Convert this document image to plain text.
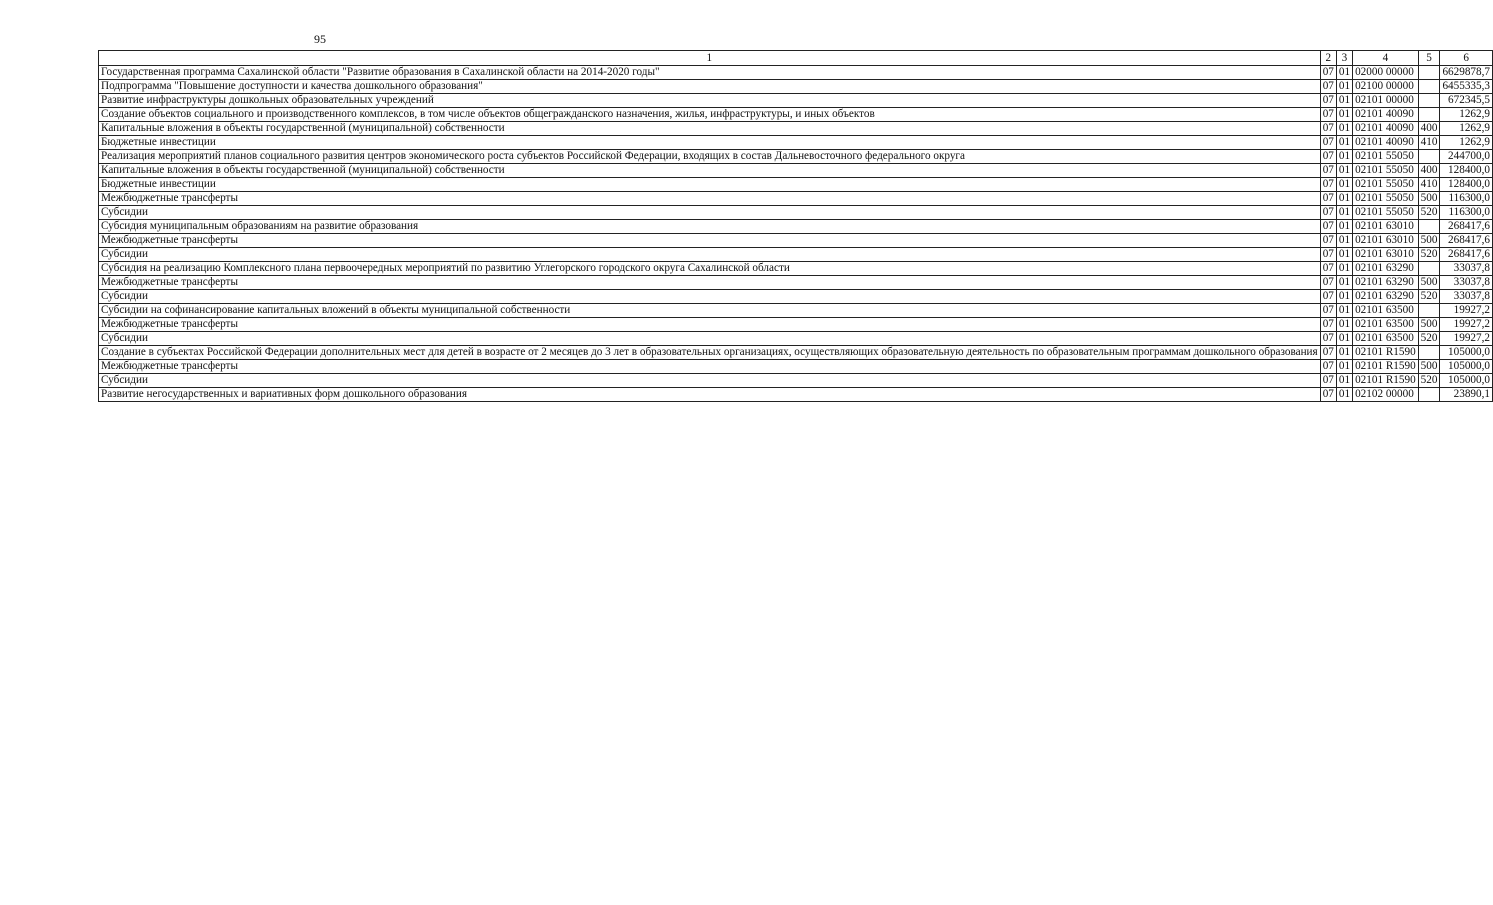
95
1	2	3	4	5	6
Государственная программа Сахалинской области "Развитие образования в Сахалинской области на 2014-2020 годы"	07	01	02000 00000		6629878,7
Подпрограмма "Повышение доступности и качества дошкольного образования"	07	01	02100 00000		6455335,3
Развитие инфраструктуры дошкольных образовательных учреждений	07	01	02101 00000		672345,5
Создание объектов социального и производственного комплексов, в том числе объектов общегражданского назначения, жилья, инфраструктуры, и иных объектов	07	01	02101 40090		1262,9
Капитальные вложения в объекты государственной (муниципальной) собственности	07	01	02101 40090	400	1262,9
Бюджетные инвестиции	07	01	02101 40090	410	1262,9
Реализация мероприятий планов социального развития центров экономического роста субъектов Российской Федерации, входящих в состав Дальневосточного федерального округа	07	01	02101 55050		244700,0
Капитальные вложения в объекты государственной (муниципальной) собственности	07	01	02101 55050	400	128400,0
Бюджетные инвестиции	07	01	02101 55050	410	128400,0
Межбюджетные трансферты	07	01	02101 55050	500	116300,0
Субсидии	07	01	02101 55050	520	116300,0
Субсидия муниципальным образованиям на развитие образования	07	01	02101 63010		268417,6
Межбюджетные трансферты	07	01	02101 63010	500	268417,6
Субсидии	07	01	02101 63010	520	268417,6
Субсидия на реализацию Комплексного плана первоочередных мероприятий по развитию Углегорского городского округа Сахалинской области	07	01	02101 63290		33037,8
Межбюджетные трансферты	07	01	02101 63290	500	33037,8
Субсидии	07	01	02101 63290	520	33037,8
Субсидии на софинансирование капитальных вложений в объекты муниципальной собственности	07	01	02101 63500		19927,2
Межбюджетные трансферты	07	01	02101 63500	500	19927,2
Субсидии	07	01	02101 63500	520	19927,2
Создание в субъектах Российской Федерации дополнительных мест для детей в возрасте от 2 месяцев до 3 лет в образовательных организациях, осуществляющих образовательную деятельность по образовательным программам дошкольного образования	07	01	02101 R1590		105000,0
Межбюджетные трансферты	07	01	02101 R1590	500	105000,0
Субсидии	07	01	02101 R1590	520	105000,0
Развитие негосударственных и вариативных форм дошкольного образования	07	01	02102 00000		23890,1
